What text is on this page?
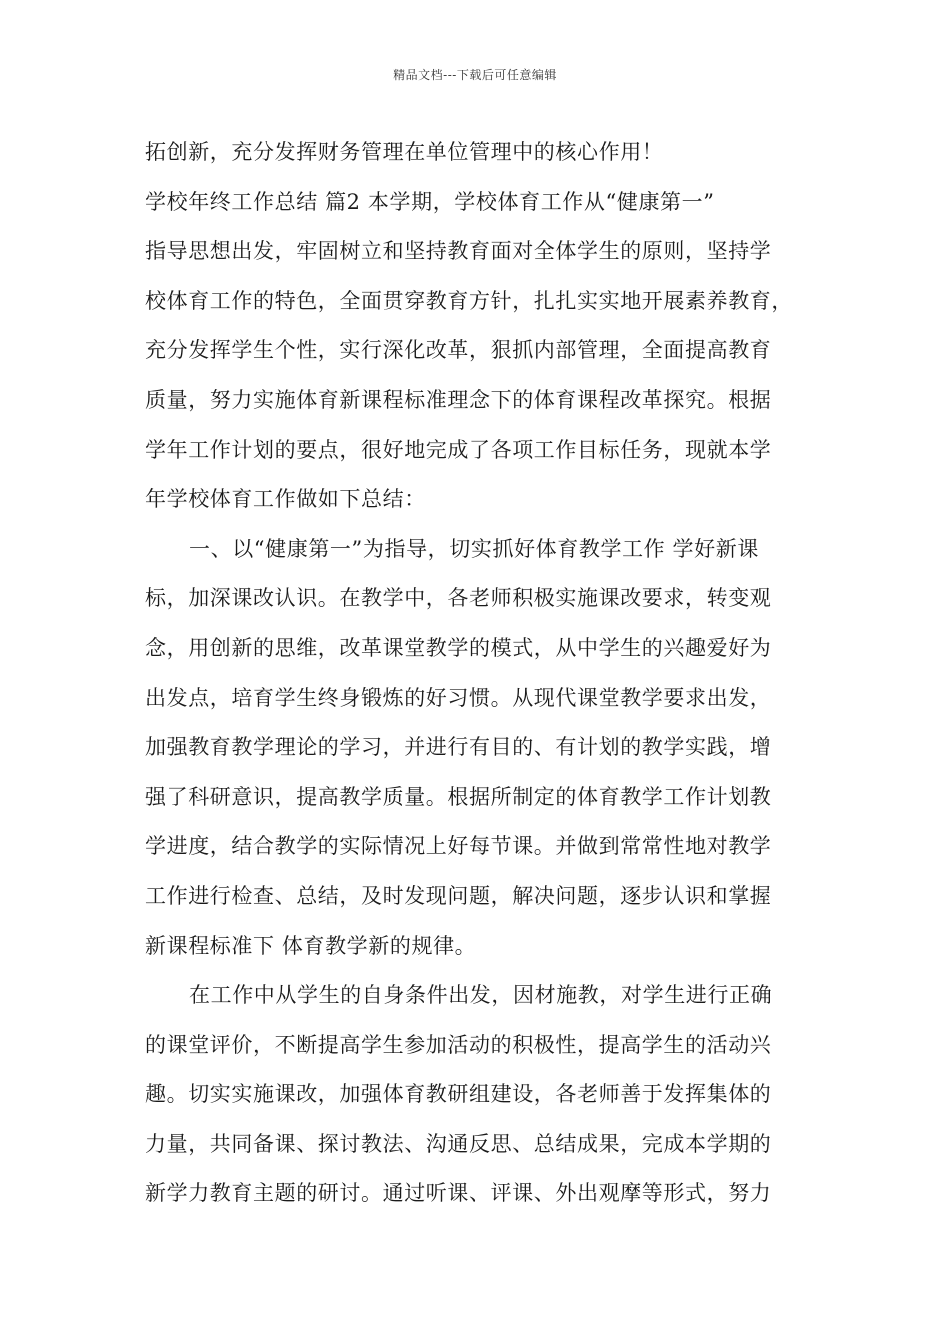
精品文档---下载后可任意编辑
拓创新，充分发挥财务管理在单位管理中的核心作用！
学校年终工作总结 篇2 本学期，学校体育工作从“健康第一”
指导思想出发，牢固树立和坚持教育面对全体学生的原则，坚持学
校体育工作的特色，全面贯穿教育方针，扎扎实实地开展素养教育，
充分发挥学生个性，实行深化改革，狠抓内部管理，全面提高教育
质量，努力实施体育新课程标准理念下的体育课程改革探究。根据
学年工作计划的要点，很好地完成了各项工作目标任务，现就本学
年学校体育工作做如下总结：
一、以“健康第一”为指导，切实抓好体育教学工作 学好新课
标，加深课改认识。在教学中，各老师积极实施课改要求，转变观
念，用创新的思维，改革课堂教学的模式，从中学生的兴趣爱好为
出发点，培育学生终身锻炼的好习惯。从现代课堂教学要求出发，
加强教育教学理论的学习，并进行有目的、有计划的教学实践，增
强了科研意识，提高教学质量。根据所制定的体育教学工作计划教
学进度，结合教学的实际情况上好每节课。并做到常常性地对教学
工作进行检查、总结，及时发现问题，解决问题，逐步认识和掌握
新课程标准下 体育教学新的规律。
在工作中从学生的自身条件出发，因材施教，对学生进行正确
的课堂评价，不断提高学生参加活动的积极性，提高学生的活动兴
趣。切实实施课改，加强体育教研组建设，各老师善于发挥集体的
力量，共同备课、探讨教法、沟通反思、总结成果，完成本学期的
新学力教育主题的研讨。通过听课、评课、外出观摩等形式，努力
